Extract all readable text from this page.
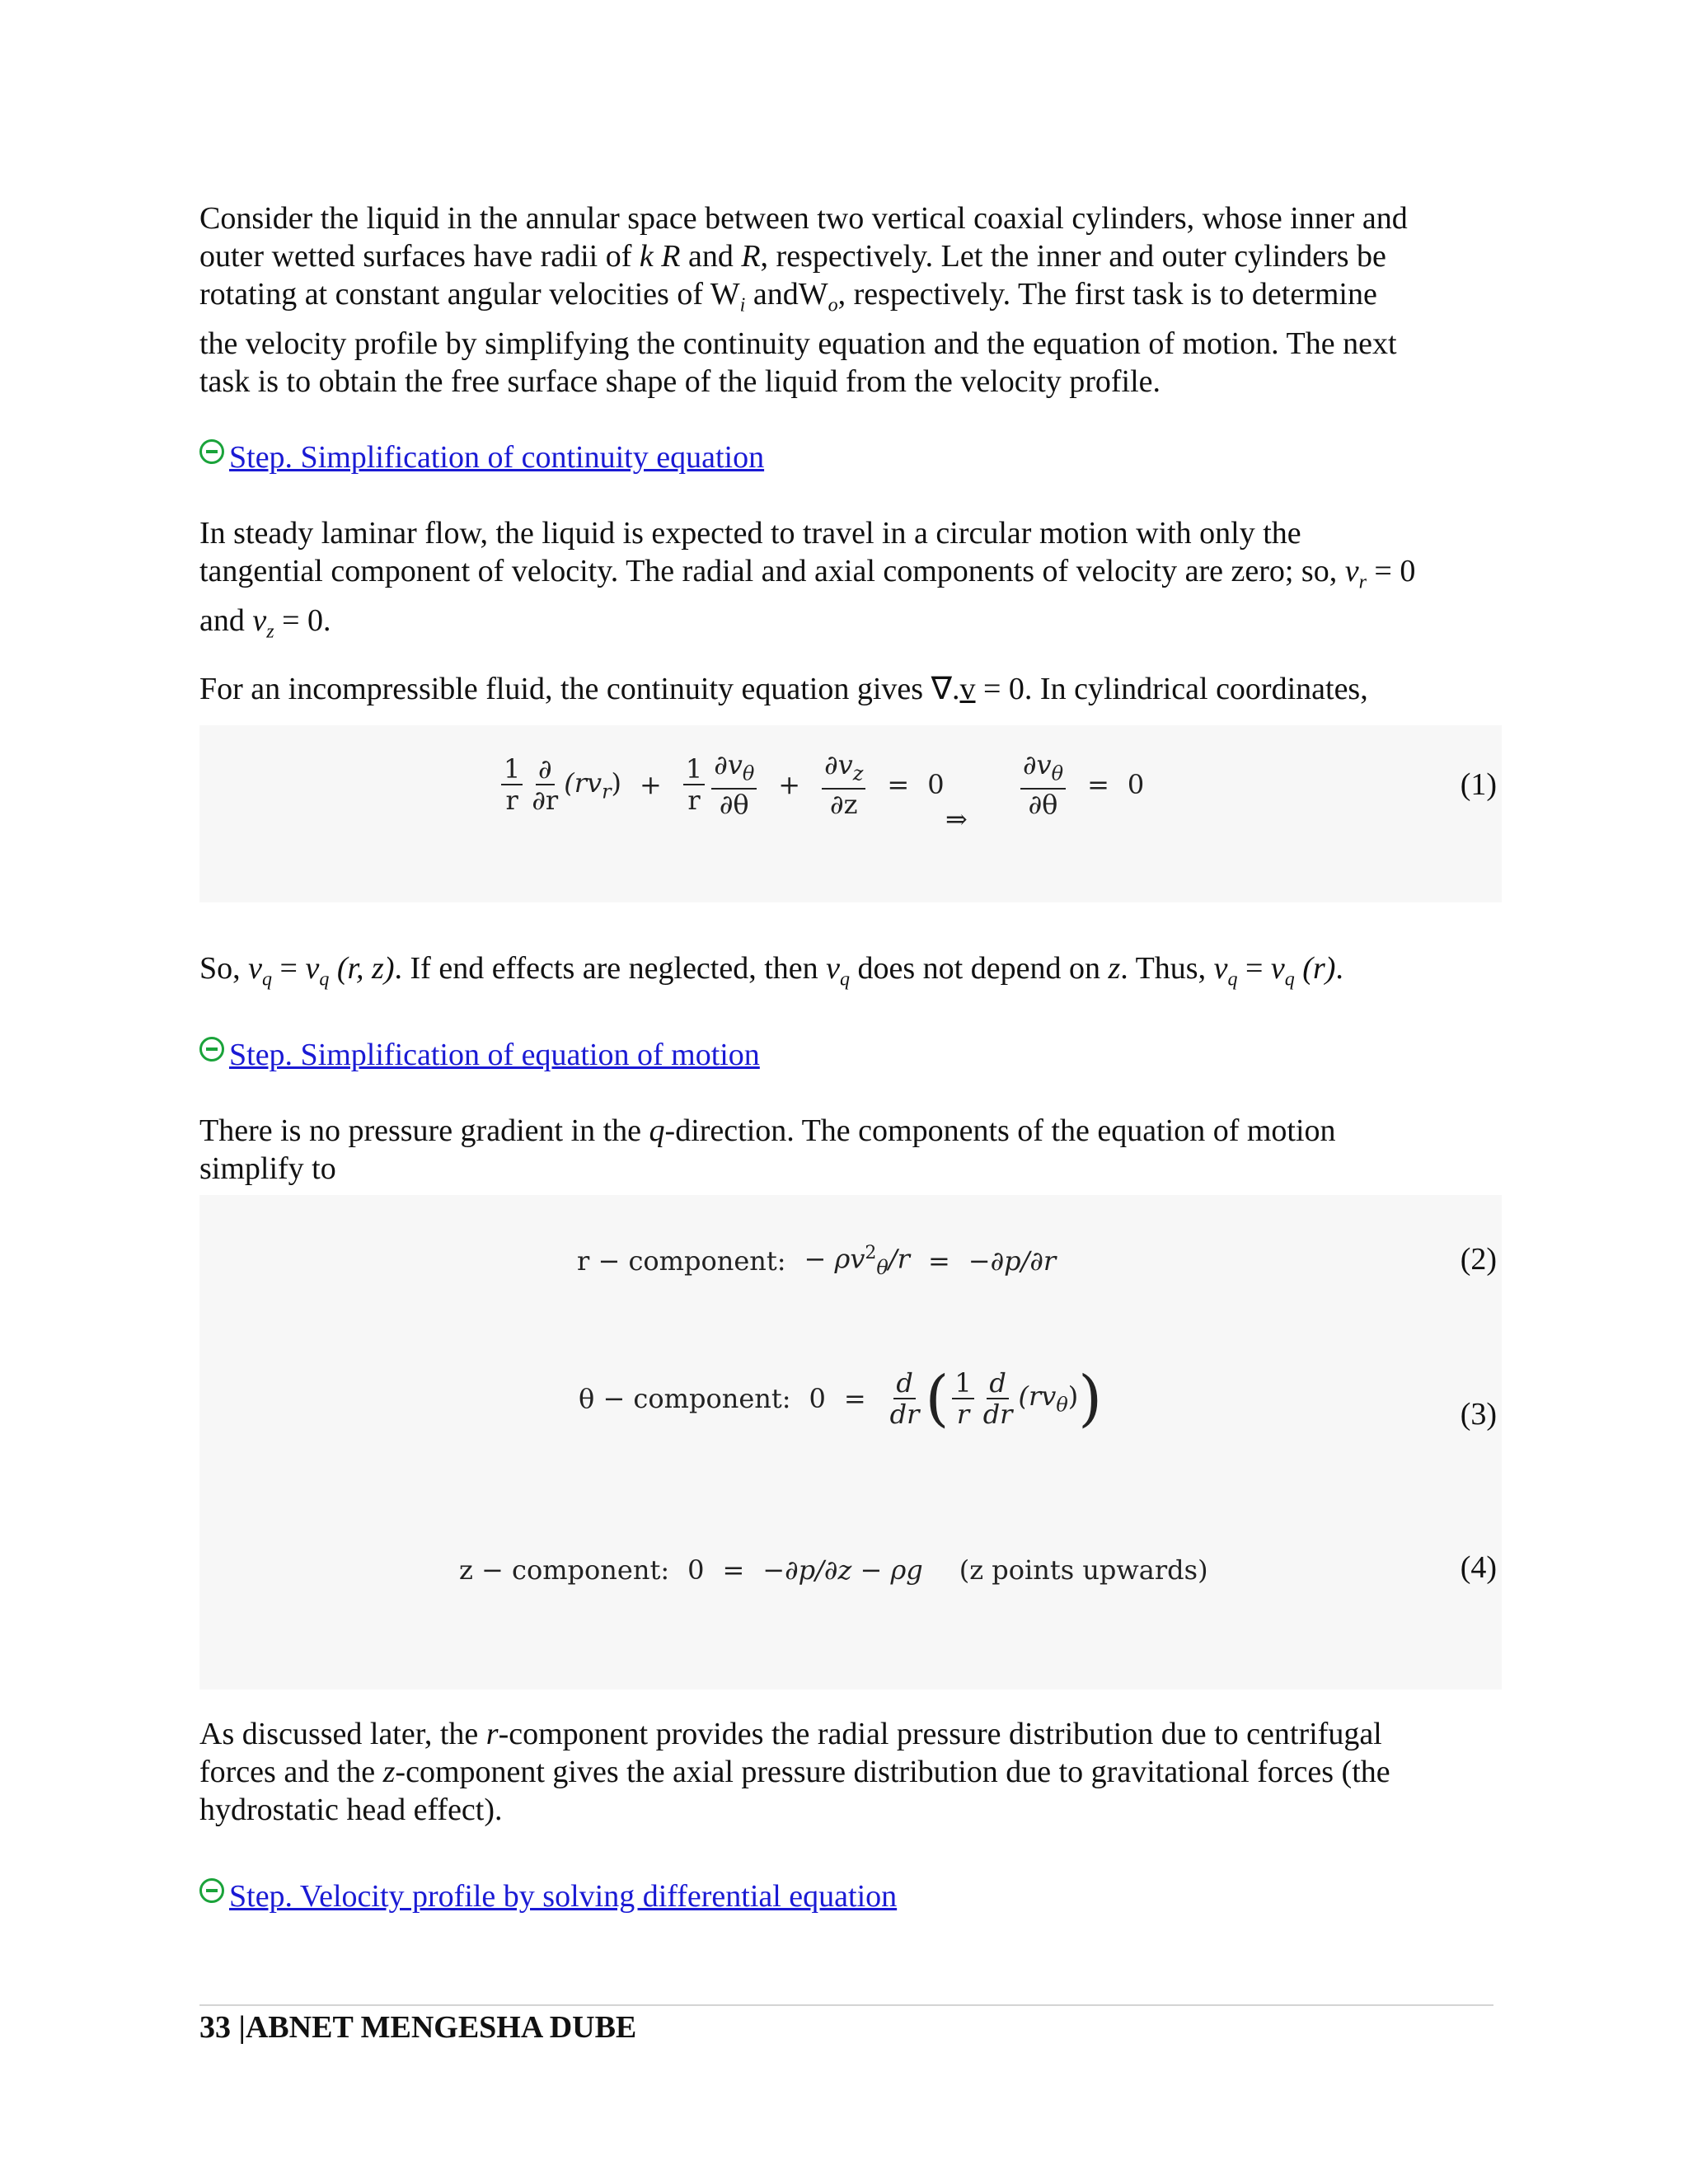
Consider the liquid in the annular space between two vertical coaxial cylinders, whose inner and
outer wetted surfaces have radii of k R and R, respectively. Let the inner and outer cylinders be
rotating at constant angular velocities of $W_i$ andW$_o$, respectively. The first task is to determine
the velocity profile by simplifying the continuity equation and the equation of motion. The next
task is to obtain the free surface shape of the liquid from the velocity profile.
Step. Simplification of continuity equation
In steady laminar flow, the liquid is expected to travel in a circular motion with only the
tangential component of velocity. The radial and axial components of velocity are zero; so, $v_r = 0$
and $v_z = 0$.
For an incompressible fluid, the continuity equation gives ∇.v = 0. In cylindrical coordinates,
$\frac{1}{r} \frac{\partial}{\partial r} (rv_r) + \frac{1}{r} \frac{\partial v_\theta}{\partial\theta} + \frac{\partial v_z}{\partial z} = 0$
⇒ $\frac{\partial v_\theta}{\partial\theta} = 0$	(1)
So, $v_q = v_q$ (r, z). If end effects are neglected, then $v_q$ does not depend on z. Thus, $v_q = v_q$ (r).
Step. Simplification of equation of motion
There is no pressure gradient in the q-direction. The components of the equation of motion
simplify to
r − component: − $\rho v^2_\theta/r = -\partial p/\partial r$	(2)
θ − component: $0 = \frac{d}{dr}$ ( $\frac{1}{r} \frac{d}{dr} (rv_\theta)$ )	(3)
z − component: 0 = −∂p/∂z − ρg (z points upwards)	(4)
As discussed later, the r-component provides the radial pressure distribution due to centrifugal
forces and the z-component gives the axial pressure distribution due to gravitational forces (the
hydrostatic head effect).
Step. Velocity profile by solving differential equation
33 |ABNET MENGESHA DUBE
